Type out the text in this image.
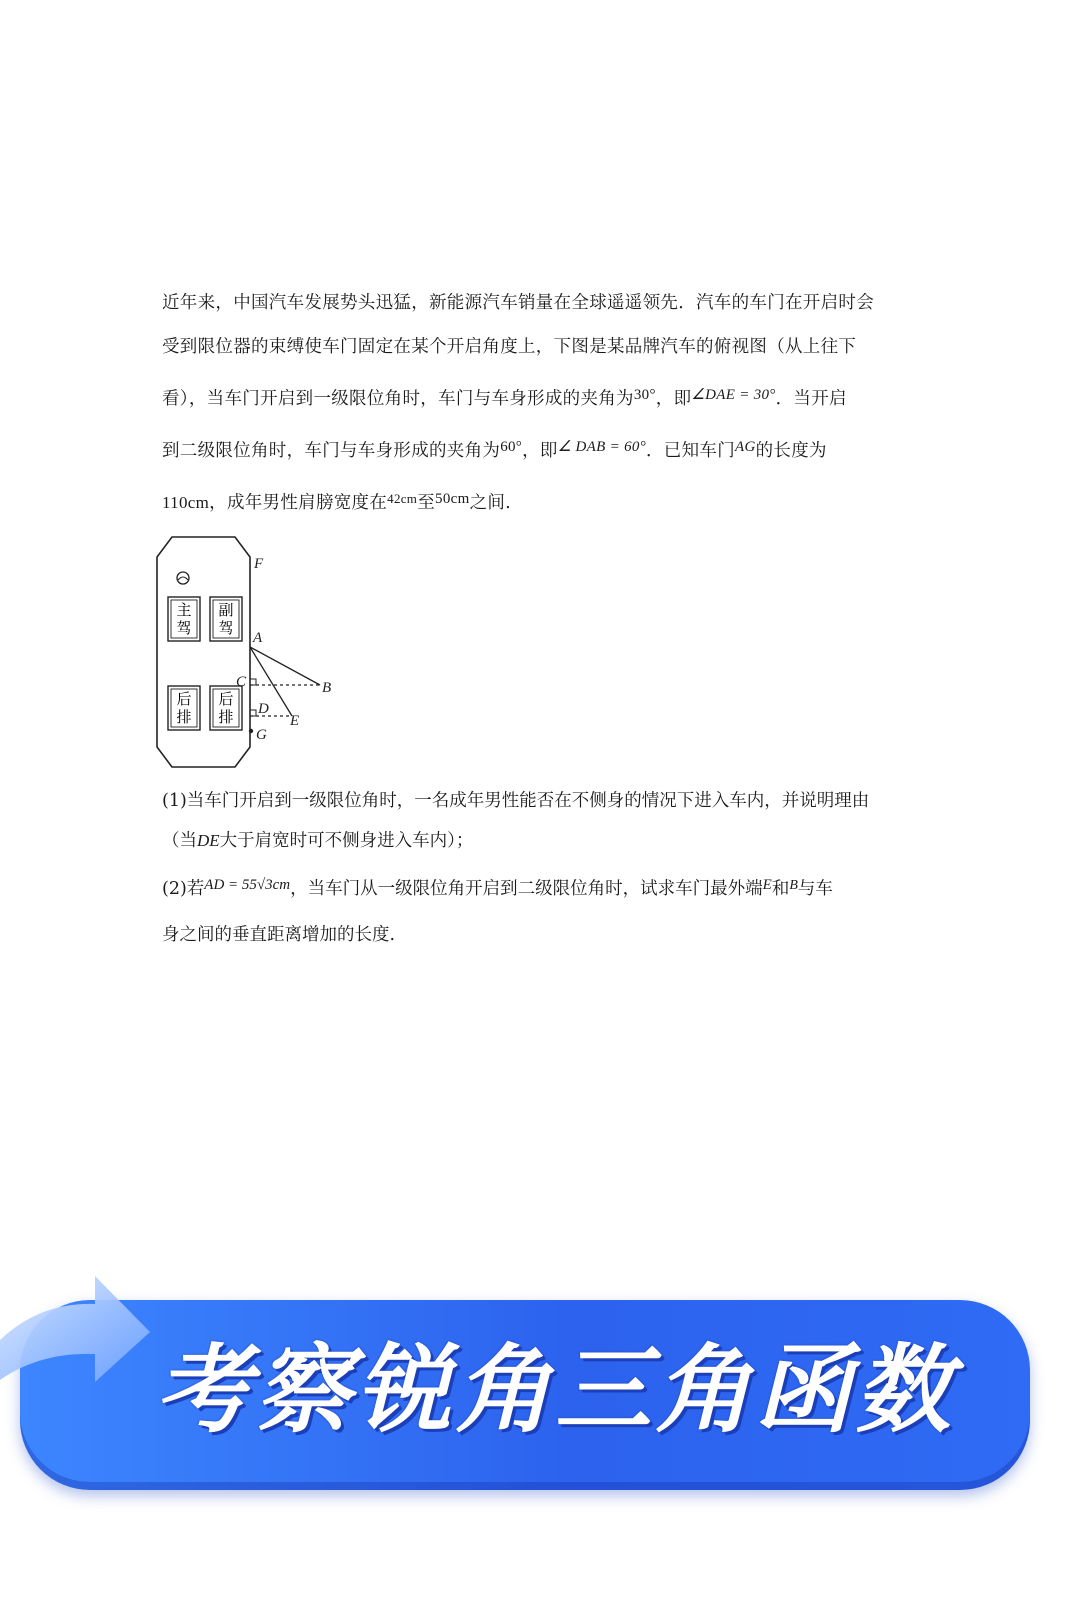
近年来，中国汽车发展势头迅猛，新能源汽车销量在全球遥遥领先．汽车的车门在开启时会

受到限位器的束缚使车门固定在某个开启角度上，下图是某品牌汽车的俯视图（从上往下

看），当车门开启到一级限位角时，车门与车身形成的夹角为30°，即∠DAE = 30°．当开启

到二级限位角时，车门与车身形成的夹角为60°，即∠ DAB = 60°．已知车门AG的长度为

110cm，成年男性肩膀宽度在$^{42cm}$至50cm之间.

主
驾
副
驾
后
排
后
排
F
A
B
C
D
E
G

(1)当车门开启到一级限位角时，一名成年男性能否在不侧身的情况下进入车内，并说明理由

（当DE大于肩宽时可不侧身进入车内）；

(2)若AD = 55√3cm，当车门从一级限位角开启到二级限位角时，试求车门最外端E和$^B$与车

身之间的垂直距离增加的长度.

考察锐角三角函数
